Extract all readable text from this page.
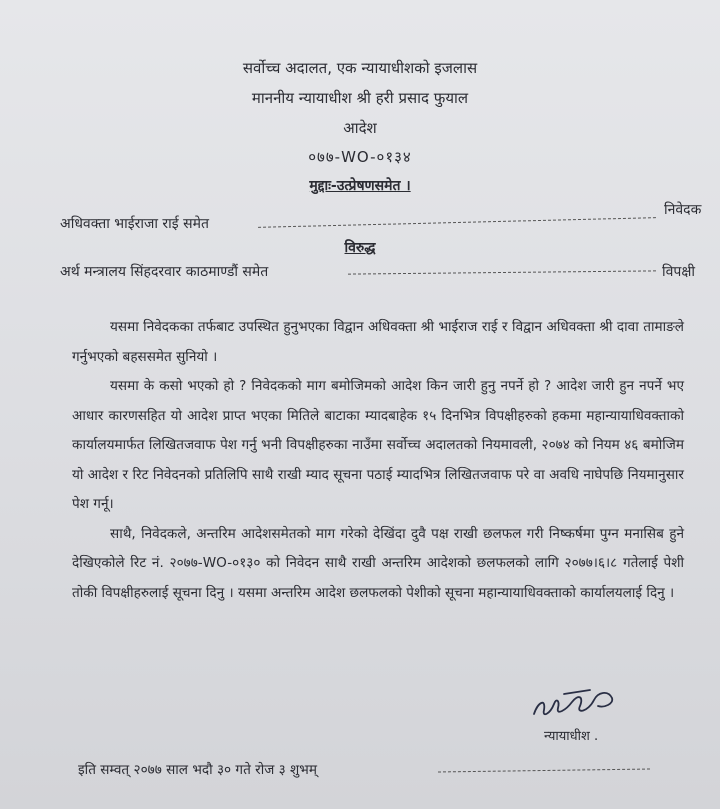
सर्वोच्च अदालत, एक न्यायाधीशको इजलास
माननीय न्यायाधीश श्री हरी प्रसाद फुयाल
आदेश
०७७-WO-०१३४
मुद्दाः-उत्प्रेषणसमेत ।
अधिवक्ता भाईराजा राई समेत
निवेदक
विरुद्ध
अर्थ मन्त्रालय सिंहदरवार काठमाण्डौं समेत	विपक्षी

यसमा निवेदकका तर्फबाट उपस्थित हुनुभएका विद्वान अधिवक्ता श्री भाईराज राई र विद्वान अधिवक्ता श्री दावा तामाङले गर्नुभएको बहससमेत सुनियो ।

यसमा के कसो भएको हो ? निवेदकको माग बमोजिमको आदेश किन जारी हुनु नपर्ने हो ? आदेश जारी हुन नपर्ने भए आधार कारणसहित यो आदेश प्राप्त भएका मितिले बाटाका म्यादबाहेक १५ दिनभित्र विपक्षीहरुको हकमा महान्यायाधिवक्ताको कार्यालयमार्फत लिखितजवाफ पेश गर्नु भनी विपक्षीहरुका नाउँमा सर्वोच्च अदालतको नियमावली, २०७४ को नियम ४६ बमोजिम यो आदेश र रिट निवेदनको प्रतिलिपि साथै राखी म्याद सूचना पठाई म्यादभित्र लिखितजवाफ परे वा अवधि नाघेपछि नियमानुसार पेश गर्नू।

साथै, निवेदकले, अन्तरिम आदेशसमेतको माग गरेको देखिंदा दुवै पक्ष राखी छलफल गरी निष्कर्षमा पुग्न मनासिब हुने देखिएकोले रिट नं. २०७७-WO-०१३० को निवेदन साथै राखी अन्तरिम आदेशको छलफलको लागि २०७७।६।८ गतेलाई पेशी तोकी विपक्षीहरुलाई सूचना दिनु । यसमा अन्तरिम आदेश छलफलको पेशीको सूचना महान्यायाधिवक्ताको कार्यालयलाई दिनु ।

न्यायाधीश .
इति सम्वत् २०७७ साल भदौ ३० गते रोज ३ शुभम्
